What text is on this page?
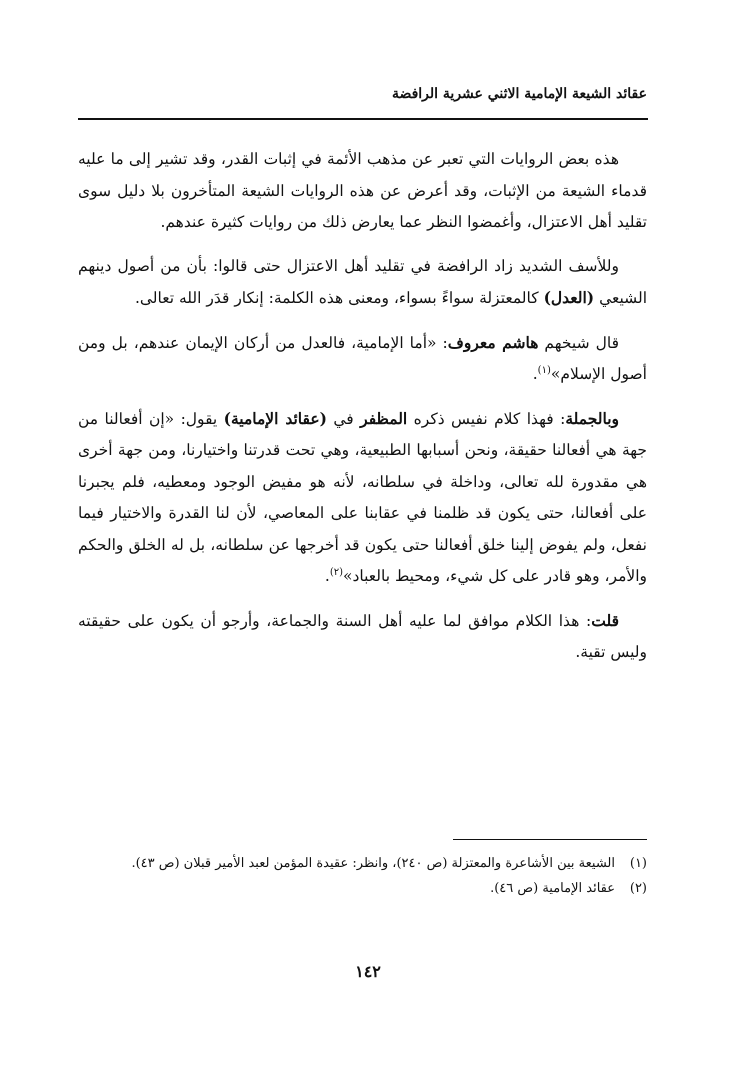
عقائد الشيعة الإمامية الاثني عشرية الرافضة

هذه بعض الروايات التي تعبر عن مذهب الأئمة في إثبات القدر، وقد تشير إلى ما عليه قدماء الشيعة من الإثبات، وقد أعرض عن هذه الروايات الشيعة المتأخرون بلا دليل سوى تقليد أهل الاعتزال، وأغمضوا النظر عما يعارض ذلك من روايات كثيرة عندهم.

وللأسف الشديد زاد الرافضة في تقليد أهل الاعتزال حتى قالوا: بأن من أصول دينهم الشيعي (العدل) كالمعتزلة سواءً بسواء، ومعنى هذه الكلمة: إنكار قدَر الله تعالى.

قال شيخهم هاشم معروف: «أما الإمامية، فالعدل من أركان الإيمان عندهم، بل ومن أصول الإسلام»$^{(١)}$.

وبالجملة: فهذا كلام نفيس ذكره المظفر في (عقائد الإمامية) يقول: «إن أفعالنا من جهة هي أفعالنا حقيقة، ونحن أسبابها الطبيعية، وهي تحت قدرتنا واختيارنا، ومن جهة أخرى هي مقدورة لله تعالى، وداخلة في سلطانه، لأنه هو مفيض الوجود ومعطيه، فلم يجبرنا على أفعالنا، حتى يكون قد ظلمنا في عقابنا على المعاصي، لأن لنا القدرة والاختيار فيما نفعل، ولم يفوض إلينا خلق أفعالنا حتى يكون قد أخرجها عن سلطانه، بل له الخلق والحكم والأمر، وهو قادر على كل شيء، ومحيط بالعباد»$^{(٢)}$.

قلت: هذا الكلام موافق لما عليه أهل السنة والجماعة، وأرجو أن يكون على حقيقته وليس تقية.

(١)
الشيعة بين الأشاعرة والمعتزلة (ص ٢٤٠)، وانظر: عقيدة المؤمن لعبد الأمير قبلان (ص ٤٣).
(٢)
عقائد الإمامية (ص ٤٦).
١٤٢
